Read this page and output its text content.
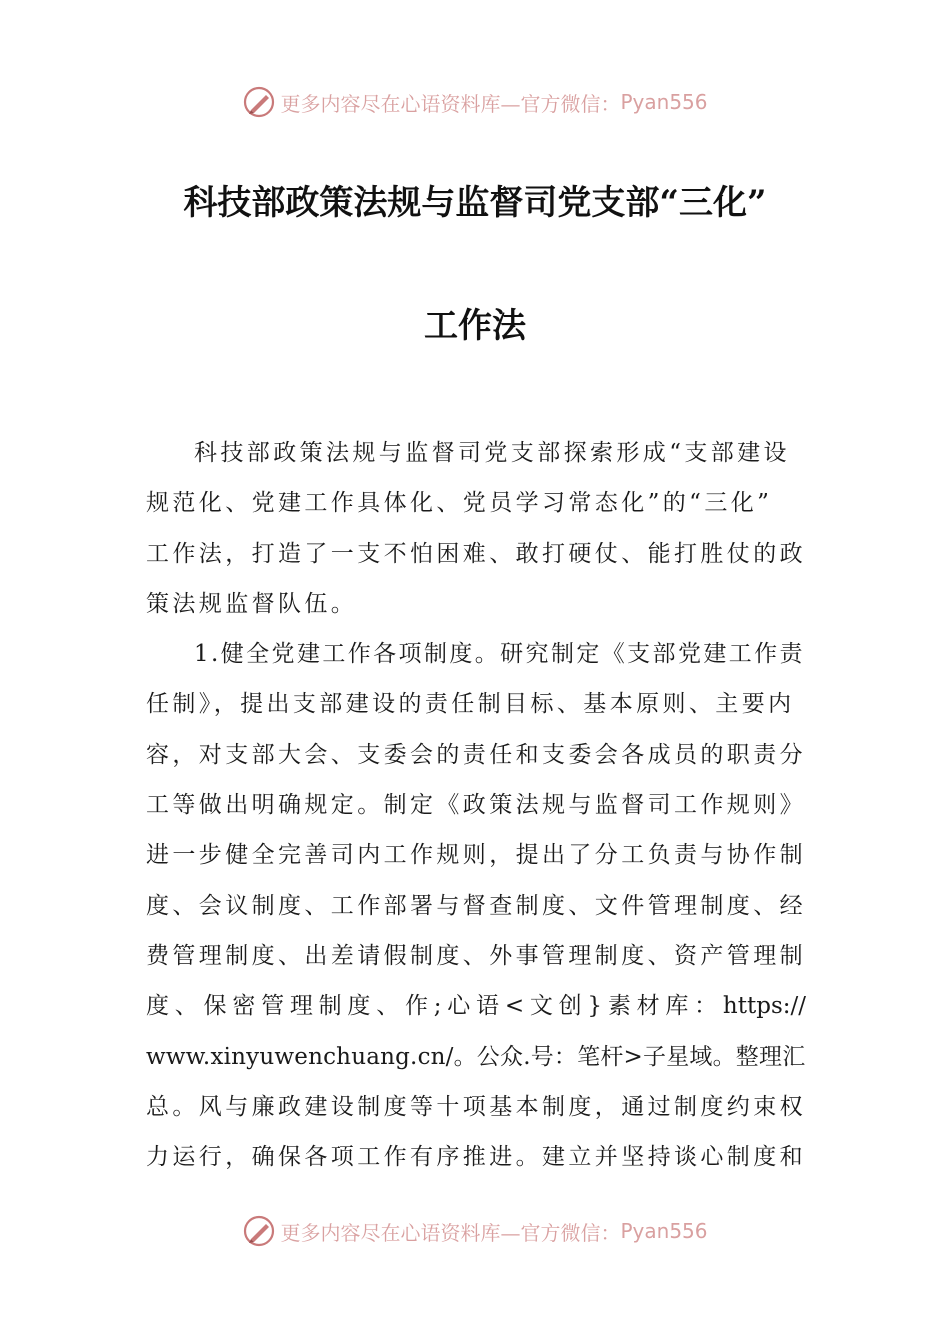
更多内容尽在心语资料库—官方微信： Pyan556
科技部政策法规与监督司党支部“三化”
工作法
科技部政策法规与监督司党支部探索形成“支部建设
规范化、党建工作具体化、党员学习常态化”的“三化”
工作法，打造了一支不怕困难、敢打硬仗、能打胜仗的政
策法规监督队伍。
1.健全党建工作各项制度。研究制定《支部党建工作责
任制》，提出支部建设的责任制目标、基本原则、主要内
容，对支部大会、支委会的责任和支委会各成员的职责分
工等做出明确规定。制定《政策法规与监督司工作规则》
进一步健全完善司内工作规则，提出了分工负责与协作制
度、会议制度、工作部署与督查制度、文件管理制度、经
费管理制度、出差请假制度、外事管理制度、资产管理制
度、保密管理制度、作;心语<文创}素材库：https://
www.xinyuwenchuang.cn/。公众.号：笔杆>子星域。整理汇
总。风与廉政建设制度等十项基本制度，通过制度约束权
力运行，确保各项工作有序推进。建立并坚持谈心制度和
更多内容尽在心语资料库—官方微信： Pyan556
